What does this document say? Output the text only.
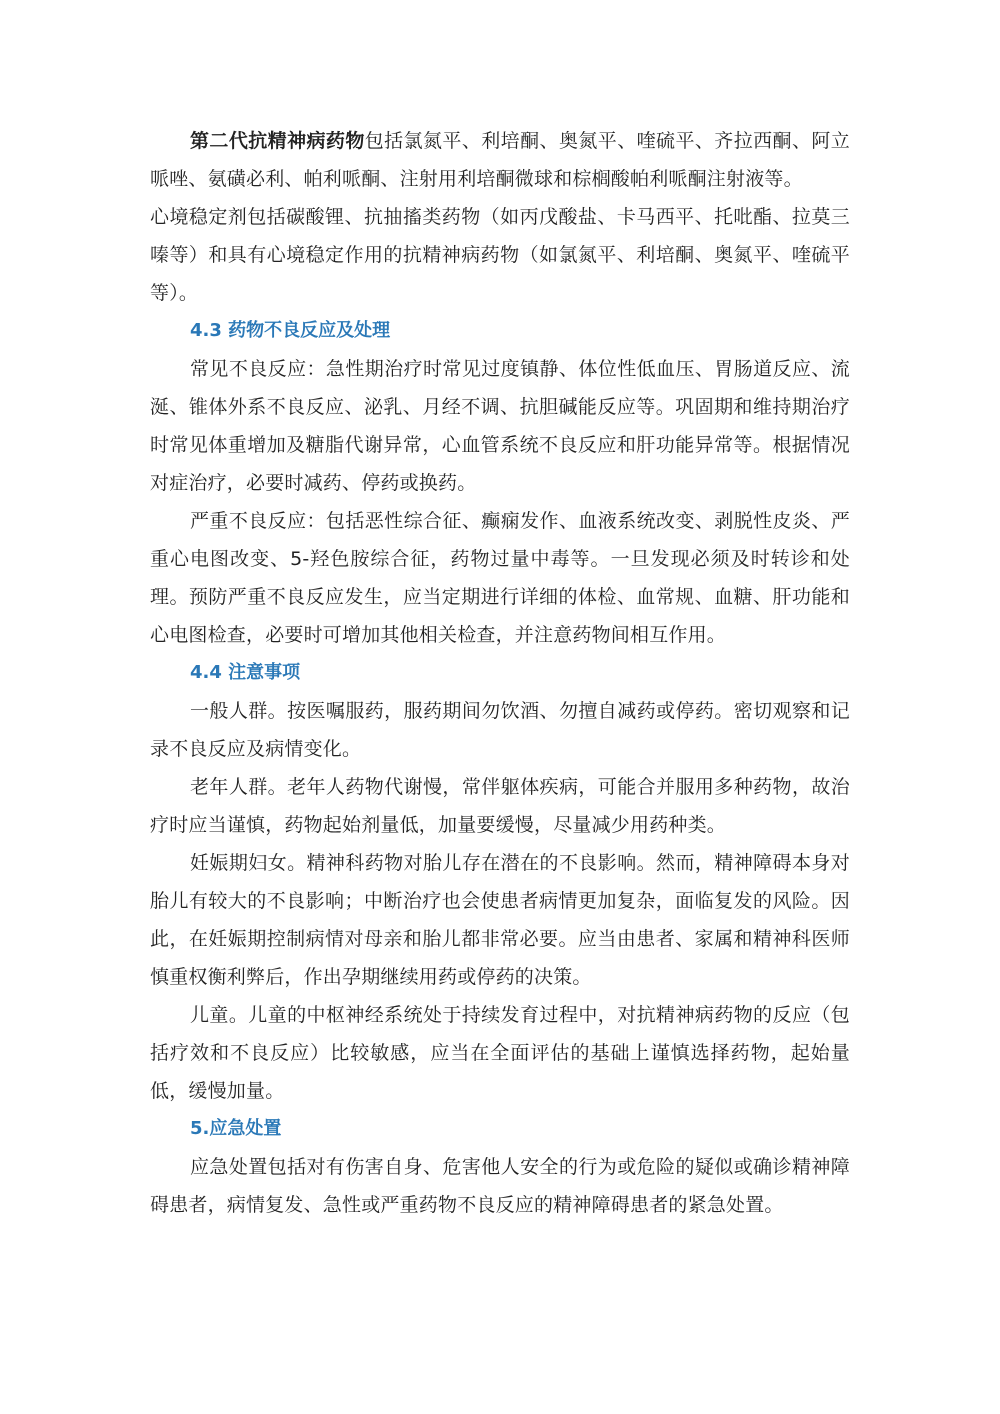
第二代抗精神病药物包括氯氮平、利培酮、奥氮平、喹硫平、齐拉西酮、阿立哌唑、氨磺必利、帕利哌酮、注射用利培酮微球和棕榈酸帕利哌酮注射液等。

心境稳定剂包括碳酸锂、抗抽搐类药物（如丙戊酸盐、卡马西平、托吡酯、拉莫三嗪等）和具有心境稳定作用的抗精神病药物（如氯氮平、利培酮、奥氮平、喹硫平等）。

4.3 药物不良反应及处理

常见不良反应：急性期治疗时常见过度镇静、体位性低血压、胃肠道反应、流涎、锥体外系不良反应、泌乳、月经不调、抗胆碱能反应等。巩固期和维持期治疗时常见体重增加及糖脂代谢异常，心血管系统不良反应和肝功能异常等。根据情况对症治疗，必要时减药、停药或换药。

严重不良反应：包括恶性综合征、癫痫发作、血液系统改变、剥脱性皮炎、严重心电图改变、5-羟色胺综合征，药物过量中毒等。一旦发现必须及时转诊和处理。预防严重不良反应发生，应当定期进行详细的体检、血常规、血糖、肝功能和心电图检查，必要时可增加其他相关检查，并注意药物间相互作用。

4.4 注意事项

一般人群。按医嘱服药，服药期间勿饮酒、勿擅自减药或停药。密切观察和记录不良反应及病情变化。

老年人群。老年人药物代谢慢，常伴躯体疾病，可能合并服用多种药物，故治疗时应当谨慎，药物起始剂量低，加量要缓慢，尽量减少用药种类。

妊娠期妇女。精神科药物对胎儿存在潜在的不良影响。然而，精神障碍本身对胎儿有较大的不良影响；中断治疗也会使患者病情更加复杂，面临复发的风险。因此，在妊娠期控制病情对母亲和胎儿都非常必要。应当由患者、家属和精神科医师慎重权衡利弊后，作出孕期继续用药或停药的决策。

儿童。儿童的中枢神经系统处于持续发育过程中，对抗精神病药物的反应（包括疗效和不良反应）比较敏感，应当在全面评估的基础上谨慎选择药物，起始量低，缓慢加量。

5.应急处置

应急处置包括对有伤害自身、危害他人安全的行为或危险的疑似或确诊精神障碍患者，病情复发、急性或严重药物不良反应的精神障碍患者的紧急处置。
